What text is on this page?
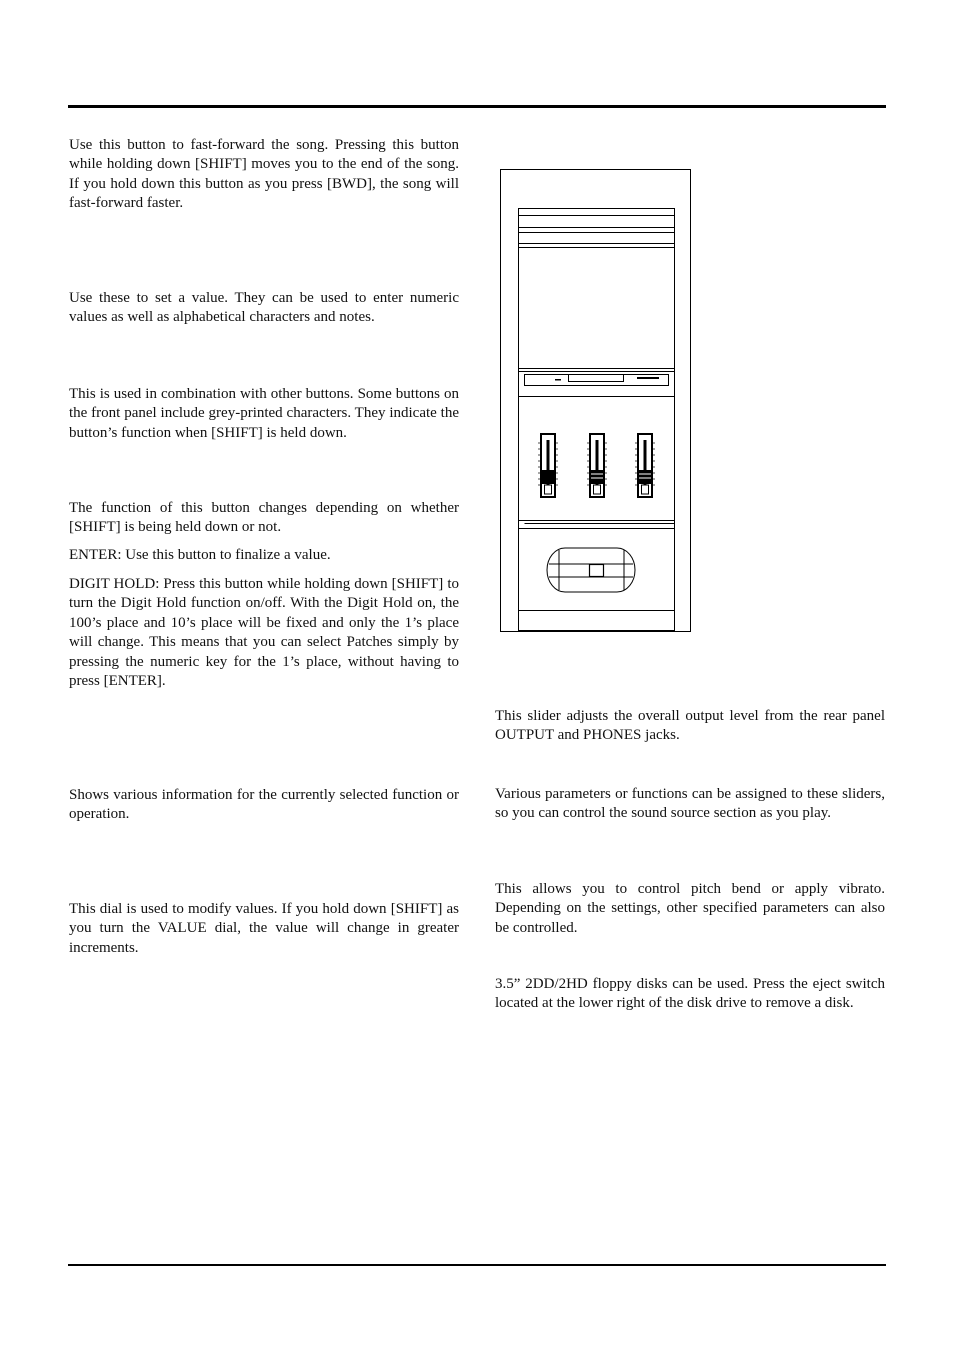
Use this button to fast-forward the song. Pressing this button while holding down [SHIFT] moves you to the end of the song. If you hold down this button as you press [BWD], the song will fast-forward faster.

Use these to set a value. They can be used to enter numeric values as well as alphabetical characters and notes.

This is used in combination with other buttons. Some buttons on the front panel include grey-printed characters. They indicate the button’s function when [SHIFT] is held down.

The function of this button changes depending on whether [SHIFT] is being held down or not.

ENTER: Use this button to finalize a value.

DIGIT HOLD: Press this button while holding down [SHIFT] to turn the Digit Hold function on/off. With the Digit Hold on, the 100’s place and 10’s place will be fixed and only the 1’s place will change. This means that you can select Patches simply by pressing the numeric key for the 1’s place, without having to press [ENTER].

Shows various information for the currently selected function or operation.

This dial is used to modify values. If you hold down [SHIFT] as you turn the VALUE dial, the value will change in greater increments.

This slider adjusts the overall output level from the rear panel OUTPUT and PHONES jacks.

Various parameters or functions can be assigned to these sliders, so you can control the sound source section as you play.

This allows you to control pitch bend or apply vibrato. Depending on the settings, other specified parameters can also be controlled.

3.5” 2DD/2HD floppy disks can be used. Press the eject switch located at the lower right of the disk drive to remove a disk.
